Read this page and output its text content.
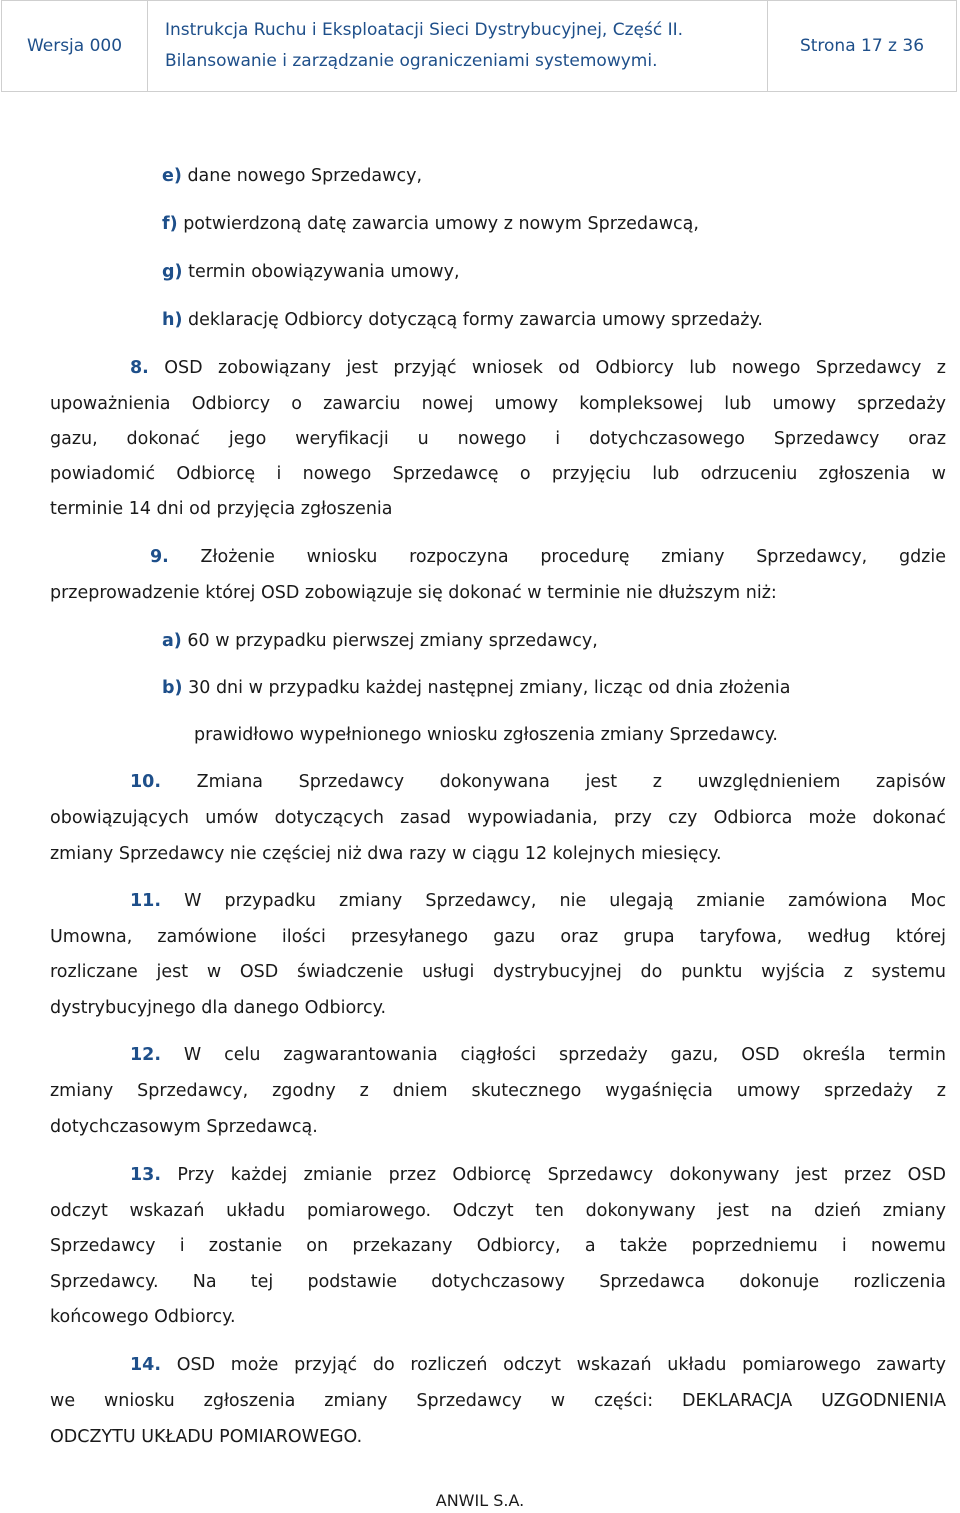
Wersja 000
Instrukcja Ruchu i Eksploatacji Sieci Dystrybucyjnej, Część II.
Bilansowanie i zarządzanie ograniczeniami systemowymi.
Strona 17 z 36
e) dane nowego Sprzedawcy,
f) potwierdzoną datę zawarcia umowy z nowym Sprzedawcą,
g) termin obowiązywania umowy,
h) deklarację Odbiorcy dotyczącą formy zawarcia umowy sprzedaży.
8. OSD zobowiązany jest przyjąć wniosek od Odbiorcy lub nowego Sprzedawcy z
upoważnienia Odbiorcy o zawarciu nowej umowy kompleksowej lub umowy sprzedaży
gazu, dokonać jego weryfikacji u nowego i dotychczasowego Sprzedawcy oraz
powiadomić Odbiorcę i nowego Sprzedawcę o przyjęciu lub odrzuceniu zgłoszenia w
terminie 14 dni od przyjęcia zgłoszenia
9. Złożenie wniosku rozpoczyna procedurę zmiany Sprzedawcy, gdzie
przeprowadzenie której OSD zobowiązuje się dokonać w terminie nie dłuższym niż:
a) 60 w przypadku pierwszej zmiany sprzedawcy,
b) 30 dni w przypadku każdej następnej zmiany, licząc od dnia złożenia
prawidłowo wypełnionego wniosku zgłoszenia zmiany Sprzedawcy.
10. Zmiana Sprzedawcy dokonywana jest z uwzględnieniem zapisów
obowiązujących umów dotyczących zasad wypowiadania, przy czy Odbiorca może dokonać
zmiany Sprzedawcy nie częściej niż dwa razy w ciągu 12 kolejnych miesięcy.
11. W przypadku zmiany Sprzedawcy, nie ulegają zmianie zamówiona Moc
Umowna, zamówione ilości przesyłanego gazu oraz grupa taryfowa, według której
rozliczane jest w OSD świadczenie usługi dystrybucyjnej do punktu wyjścia z systemu
dystrybucyjnego dla danego Odbiorcy.
12. W celu zagwarantowania ciągłości sprzedaży gazu, OSD określa termin
zmiany Sprzedawcy, zgodny z dniem skutecznego wygaśnięcia umowy sprzedaży z
dotychczasowym Sprzedawcą.
13. Przy każdej zmianie przez Odbiorcę Sprzedawcy dokonywany jest przez OSD
odczyt wskazań układu pomiarowego. Odczyt ten dokonywany jest na dzień zmiany
Sprzedawcy i zostanie on przekazany Odbiorcy, a także poprzedniemu i nowemu
Sprzedawcy. Na tej podstawie dotychczasowy Sprzedawca dokonuje rozliczenia
końcowego Odbiorcy.
14. OSD może przyjąć do rozliczeń odczyt wskazań układu pomiarowego zawarty
we wniosku zgłoszenia zmiany Sprzedawcy w części: DEKLARACJA UZGODNIENIA
ODCZYTU UKŁADU POMIAROWEGO.
ANWIL S.A.
